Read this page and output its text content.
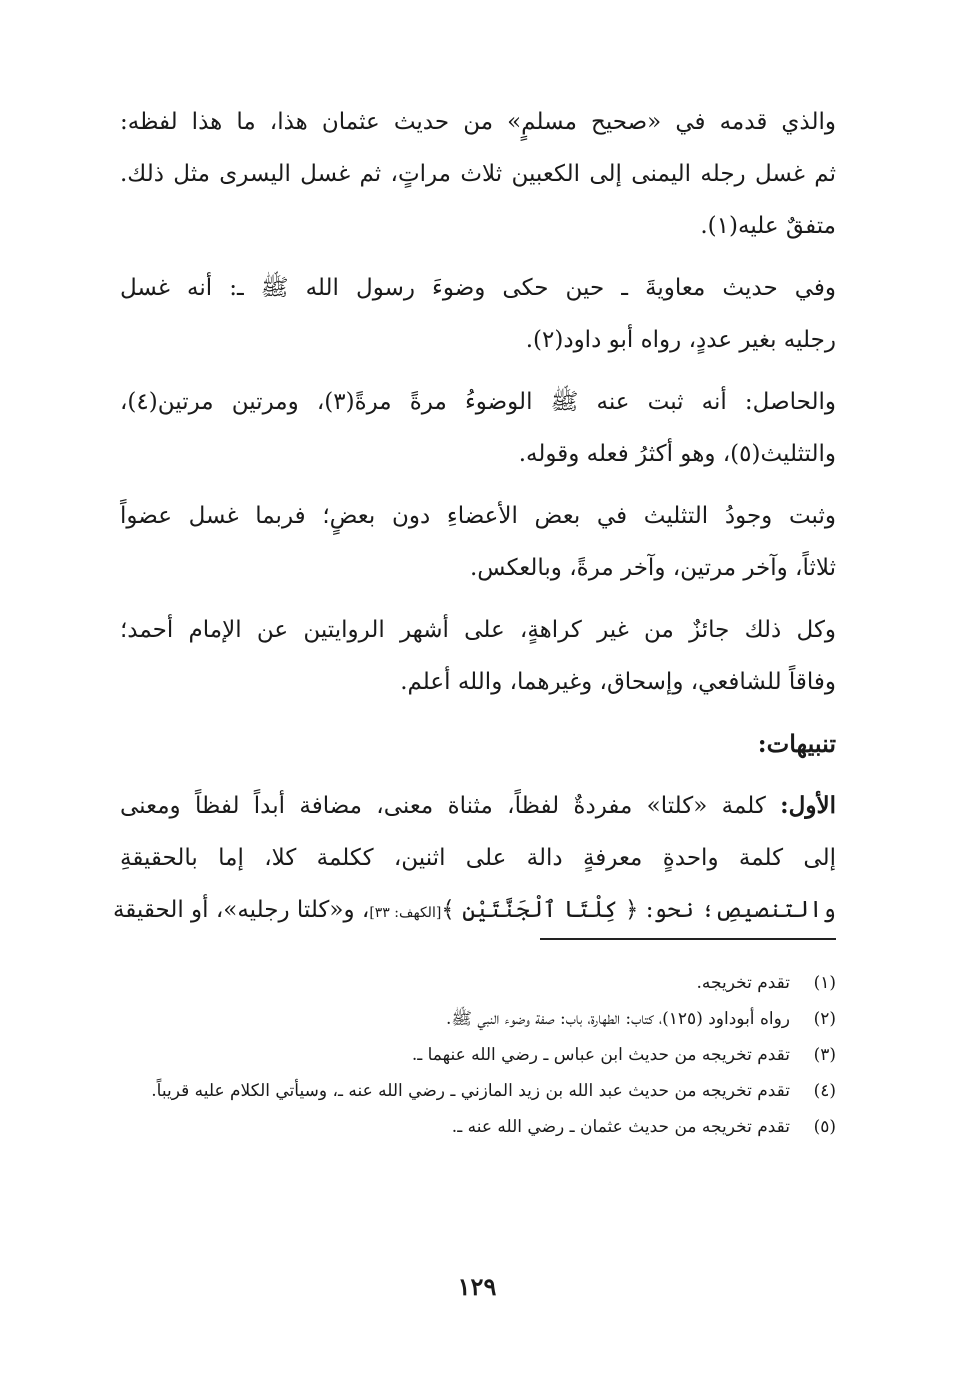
والذي قدمه في «صحيح مسلمٍ» من حديث عثمان هذا، ما هذا لفظه:
ثم غسل رجله اليمنى إلى الكعبين ثلاث مراتٍ، ثم غسل اليسرى مثل ذلك.
متفقٌ عليه(١).
وفي حديث معاويةَ ـ حين حكى وضوءَ رسول الله ﷺ ـ: أنه غسل
رجليه بغير عددٍ، رواه أبو داود(٢).
والحاصل: أنه ثبت عنه ﷺ الوضوءُ مرةً مرةً(٣)، ومرتين مرتين(٤)،
والتثليث(٥)، وهو أكثرُ فعله وقوله.
وثبت وجودُ التثليث في بعض الأعضاءِ دون بعضٍ؛ فربما غسل عضواً
ثلاثاً، وآخر مرتين، وآخر مرةً، وبالعكس.
وكل ذلك جائزٌ من غير كراهةٍ، على أشهر الروايتين عن الإمام أحمد؛
وفاقاً للشافعي، وإسحاق، وغيرهما، والله أعلم.
تنبيهات:
الأول: كلمة «كلتا» مفردةٌ لفظاً، مثناة معنى، مضافة أبداً لفظاً ومعنى
إلى كلمة واحدةٍ معرفةٍ دالة على اثنين، ككلمة كلا، إما بالحقيقةِ
والتنصيصِ؛ نحو: ﴿ كِلْتَا ٱلْجَنَّتَيْنِ ﴾[الكهف: ٣٣]، و«كلتا رجليه»، أو الحقيقة
(١)
تقدم تخريجه.
(٢)
رواه أبوداود (١٢٥)، كتاب: الطهارة، باب: صفة وضوء النبي ﷺ.
(٣)
تقدم تخريجه من حديث ابن عباس ـ رضي الله عنهما ـ.
(٤)
تقدم تخريجه من حديث عبد الله بن زيد المازني ـ رضي الله عنه ـ، وسيأتي الكلام عليه قريباً.
(٥)
تقدم تخريجه من حديث عثمان ـ رضي الله عنه ـ.
١٢٩
